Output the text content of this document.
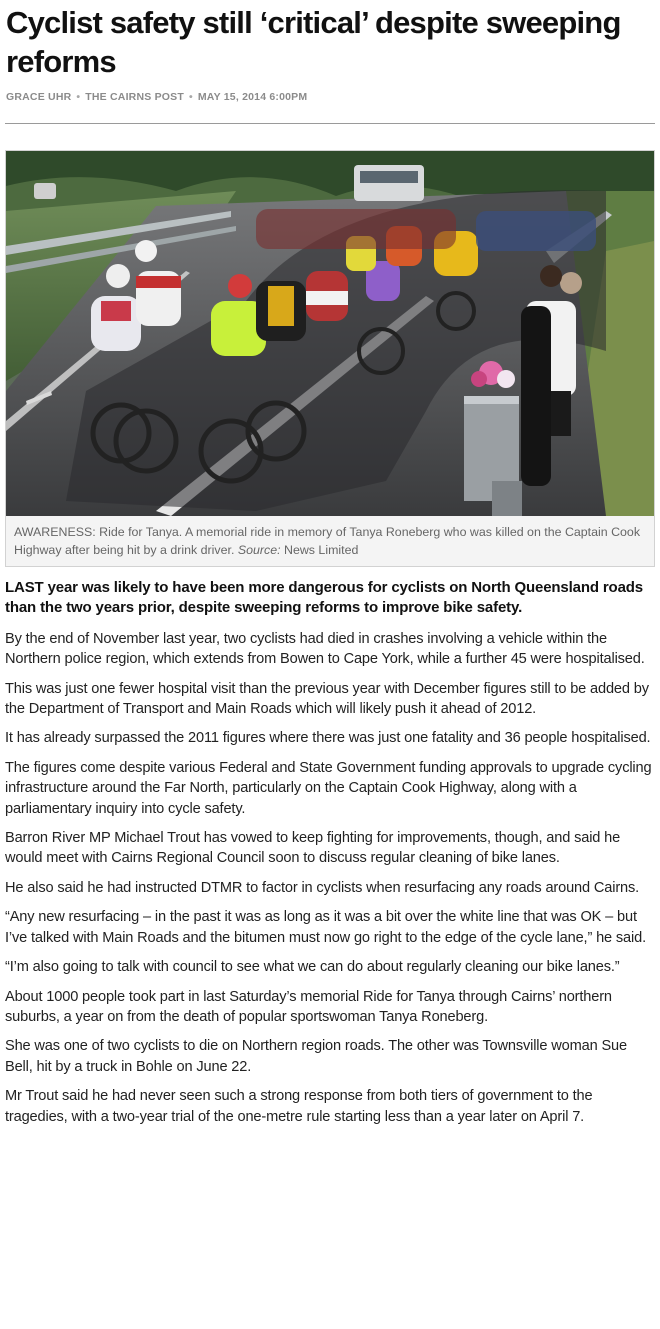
Cyclist safety still ‘critical’ despite sweeping reforms
GRACE UHR • THE CAIRNS POST • MAY 15, 2014 6:00PM

AWARENESS: Ride for Tanya. A memorial ride in memory of Tanya Roneberg who was killed on the Captain Cook Highway after being hit by a drink driver. Source: News Limited

LAST year was likely to have been more dangerous for cyclists on North Queensland roads than the two years prior, despite sweeping reforms to improve bike safety.

By the end of November last year, two cyclists had died in crashes involving a vehicle within the Northern police region, which extends from Bowen to Cape York, while a further 45 were hospitalised.

This was just one fewer hospital visit than the previous year with December figures still to be added by the Department of Transport and Main Roads which will likely push it ahead of 2012.

It has already surpassed the 2011 figures where there was just one fatality and 36 people hospitalised.

The figures come despite various Federal and State Government funding approvals to upgrade cycling infrastructure around the Far North, particularly on the Captain Cook Highway, along with a parliamentary inquiry into cycle safety.

Barron River MP Michael Trout has vowed to keep fighting for improvements, though, and said he would meet with Cairns Regional Council soon to discuss regular cleaning of bike lanes.

He also said he had instructed DTMR to factor in cyclists when resurfacing any roads around Cairns.

“Any new resurfacing – in the past it was as long as it was a bit over the white line that was OK – but I’ve talked with Main Roads and the bitumen must now go right to the edge of the cycle lane,” he said.

“I’m also going to talk with council to see what we can do about regularly cleaning our bike lanes.”

About 1000 people took part in last Saturday’s memorial Ride for Tanya through Cairns’ northern suburbs, a year on from the death of popular sportswoman Tanya Roneberg.

She was one of two cyclists to die on Northern region roads. The other was Townsville woman Sue Bell, hit by a truck in Bohle on June 22.

Mr Trout said he had never seen such a strong response from both tiers of government to the tragedies, with a two-year trial of the one-metre rule starting less than a year later on April 7.
